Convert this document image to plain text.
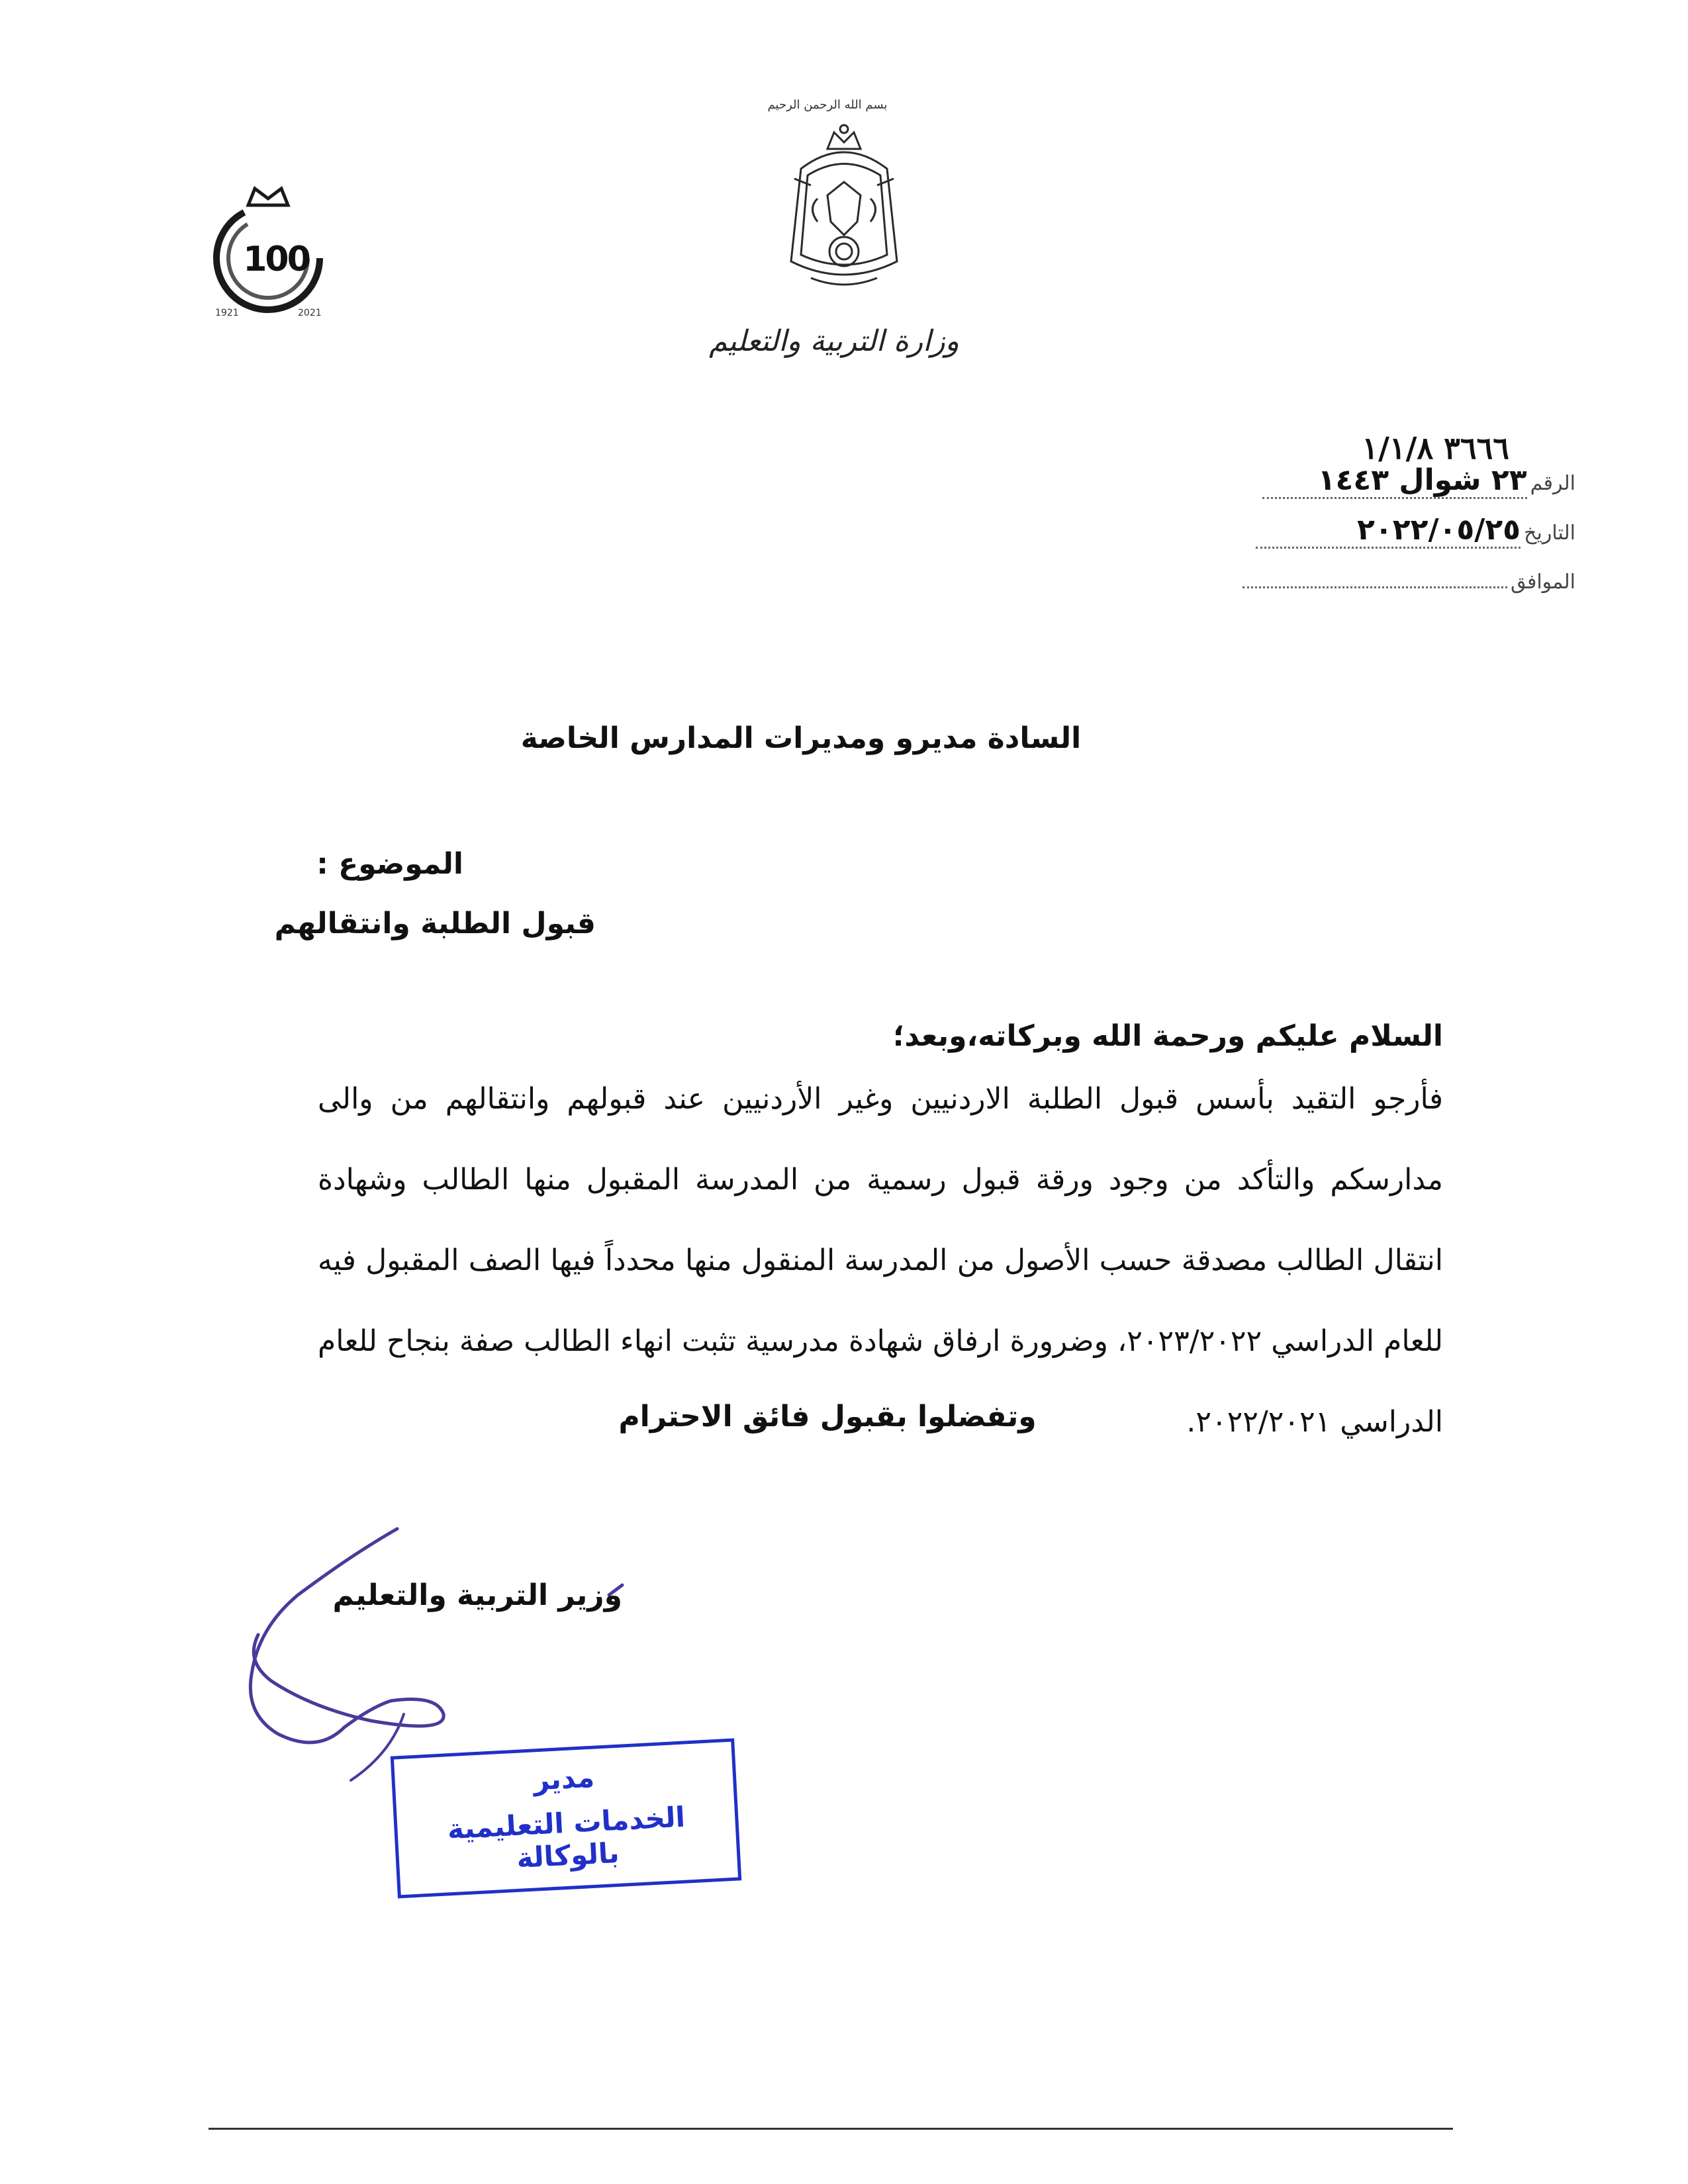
بسم الله الرحمن الرحيم
وزارة التربية والتعليم
100
1921	2021
٣٦٦٦ ١/١/٨
الرقم ٢٣ شوال ١٤٤٣
التاريخ ٢٠٢٢/٠٥/٢٥
الموافق
السادة مديرو ومديرات المدارس الخاصة
الموضوع :
قبول الطلبة وانتقالهم
السلام عليكم ورحمة الله وبركاته،وبعد؛
فأرجو التقيد بأسس قبول الطلبة الاردنيين وغير الأردنيين عند قبولهم وانتقالهم من والى مدارسكم والتأكد من وجود ورقة قبول رسمية من المدرسة المقبول منها الطالب وشهادة انتقال الطالب مصدقة حسب الأصول من المدرسة المنقول منها محدداً فيها الصف المقبول فيه للعام الدراسي ٢٠٢٣/٢٠٢٢، وضرورة ارفاق شهادة مدرسية تثبت انهاء الطالب صفة بنجاح للعام الدراسي ٢٠٢٢/٢٠٢١.
وتفضلوا بقبول فائق الاحترام
وزير التربية والتعليم
مدير
الخدمات التعليمية بالوكالة
